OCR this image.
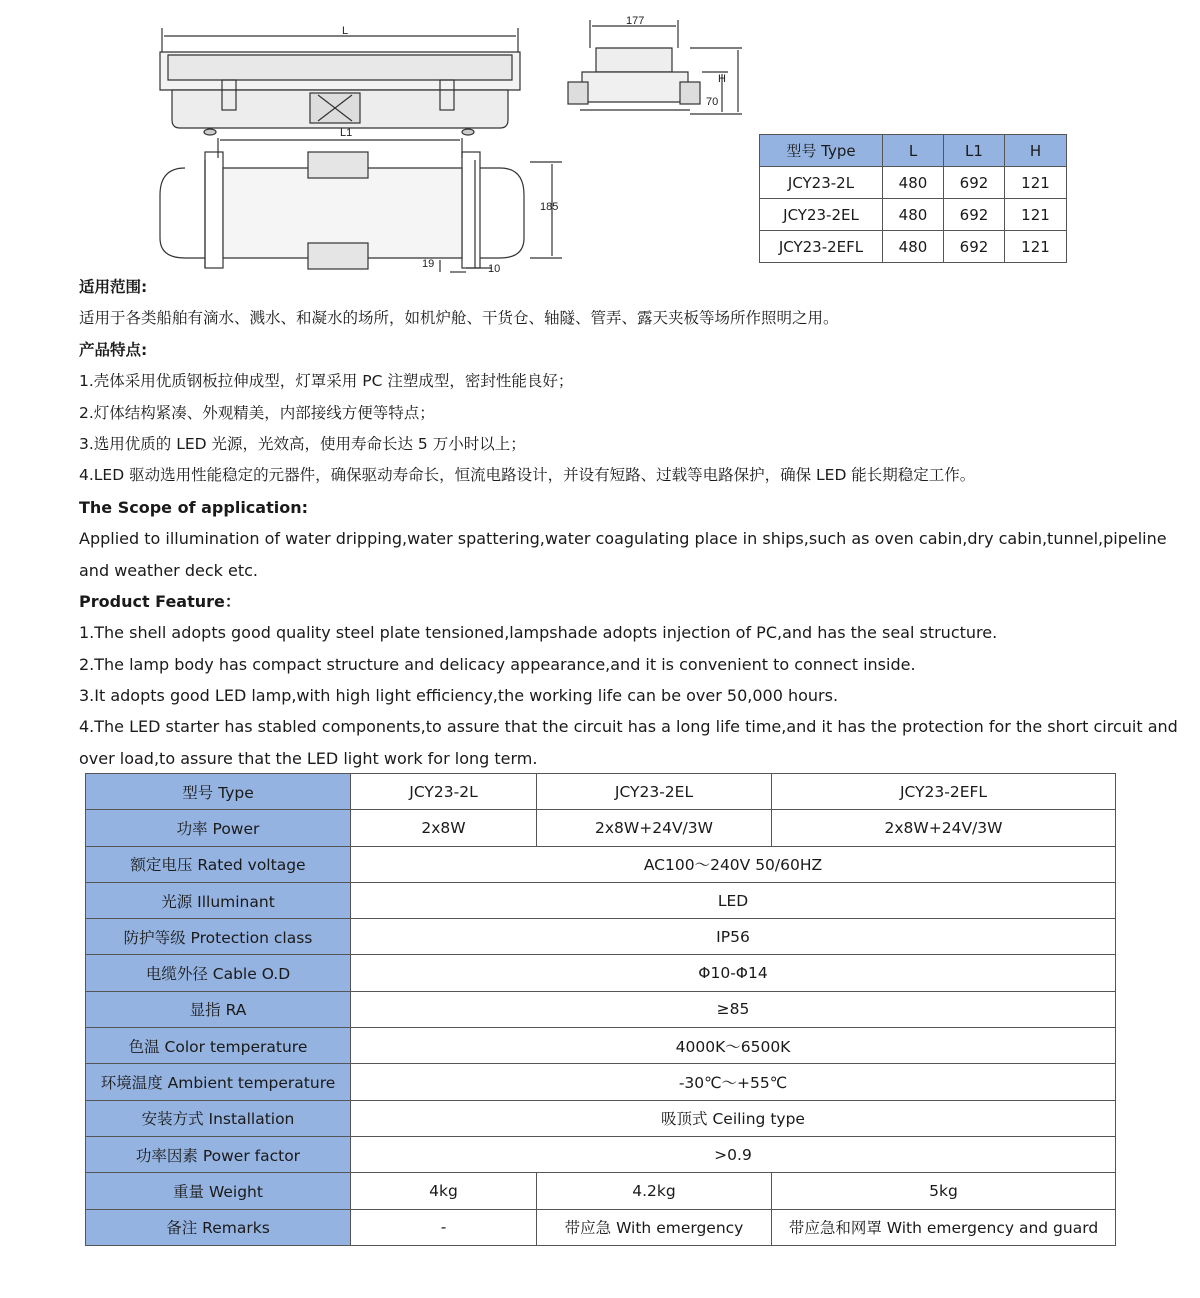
L
L1
177
H
70
185
19	10
型号 Type	L	L1	H
JCY23-2L	480	692	121
JCY23-2EL	480	692	121
JCY23-2EFL	480	692	121
适用范围:
适用于各类船舶有滴水、溅水、和凝水的场所，如机炉舱、干货仓、轴隧、管弄、露天夹板等场所作照明之用。
产品特点:
1.壳体采用优质钢板拉伸成型，灯罩采用 PC 注塑成型，密封性能良好；
2.灯体结构紧凑、外观精美，内部接线方便等特点；
3.选用优质的 LED 光源，光效高，使用寿命长达 5 万小时以上；
4.LED 驱动选用性能稳定的元器件，确保驱动寿命长，恒流电路设计，并设有短路、过载等电路保护，确保 LED 能长期稳定工作。
The Scope of application:
Applied to illumination of water dripping,water spattering,water coagulating place in ships,such as oven cabin,dry cabin,tunnel,pipeline
and weather deck etc.
Product Feature：
1.The shell adopts good quality steel plate tensioned,lampshade adopts injection of PC,and has the seal structure.
2.The lamp body has compact structure and delicacy appearance,and it is convenient to connect inside.
3.It adopts good LED lamp,with high light efficiency,the working life can be over 50,000 hours.
4.The LED starter has stabled components,to assure that the circuit has a long life time,and it has the protection for the short circuit and
over load,to assure that the LED light work for long term.
型号 Type	JCY23-2L	JCY23-2EL	JCY23-2EFL
功率 Power	2x8W	2x8W+24V/3W	2x8W+24V/3W
额定电压 Rated voltage	AC100～240V 50/60HZ		
光源 Illuminant	LED		
防护等级 Protection class	IP56		
电缆外径 Cable O.D	Φ10-Φ14		
显指 RA	≥85		
色温 Color temperature	4000K～6500K		
环境温度 Ambient temperature	-30℃～+55℃		
安装方式 Installation	吸顶式 Ceiling type		
功率因素 Power factor	>0.9		
重量 Weight	4kg	4.2kg	5kg
备注 Remarks	-	带应急 With emergency	带应急和网罩 With emergency and guard
